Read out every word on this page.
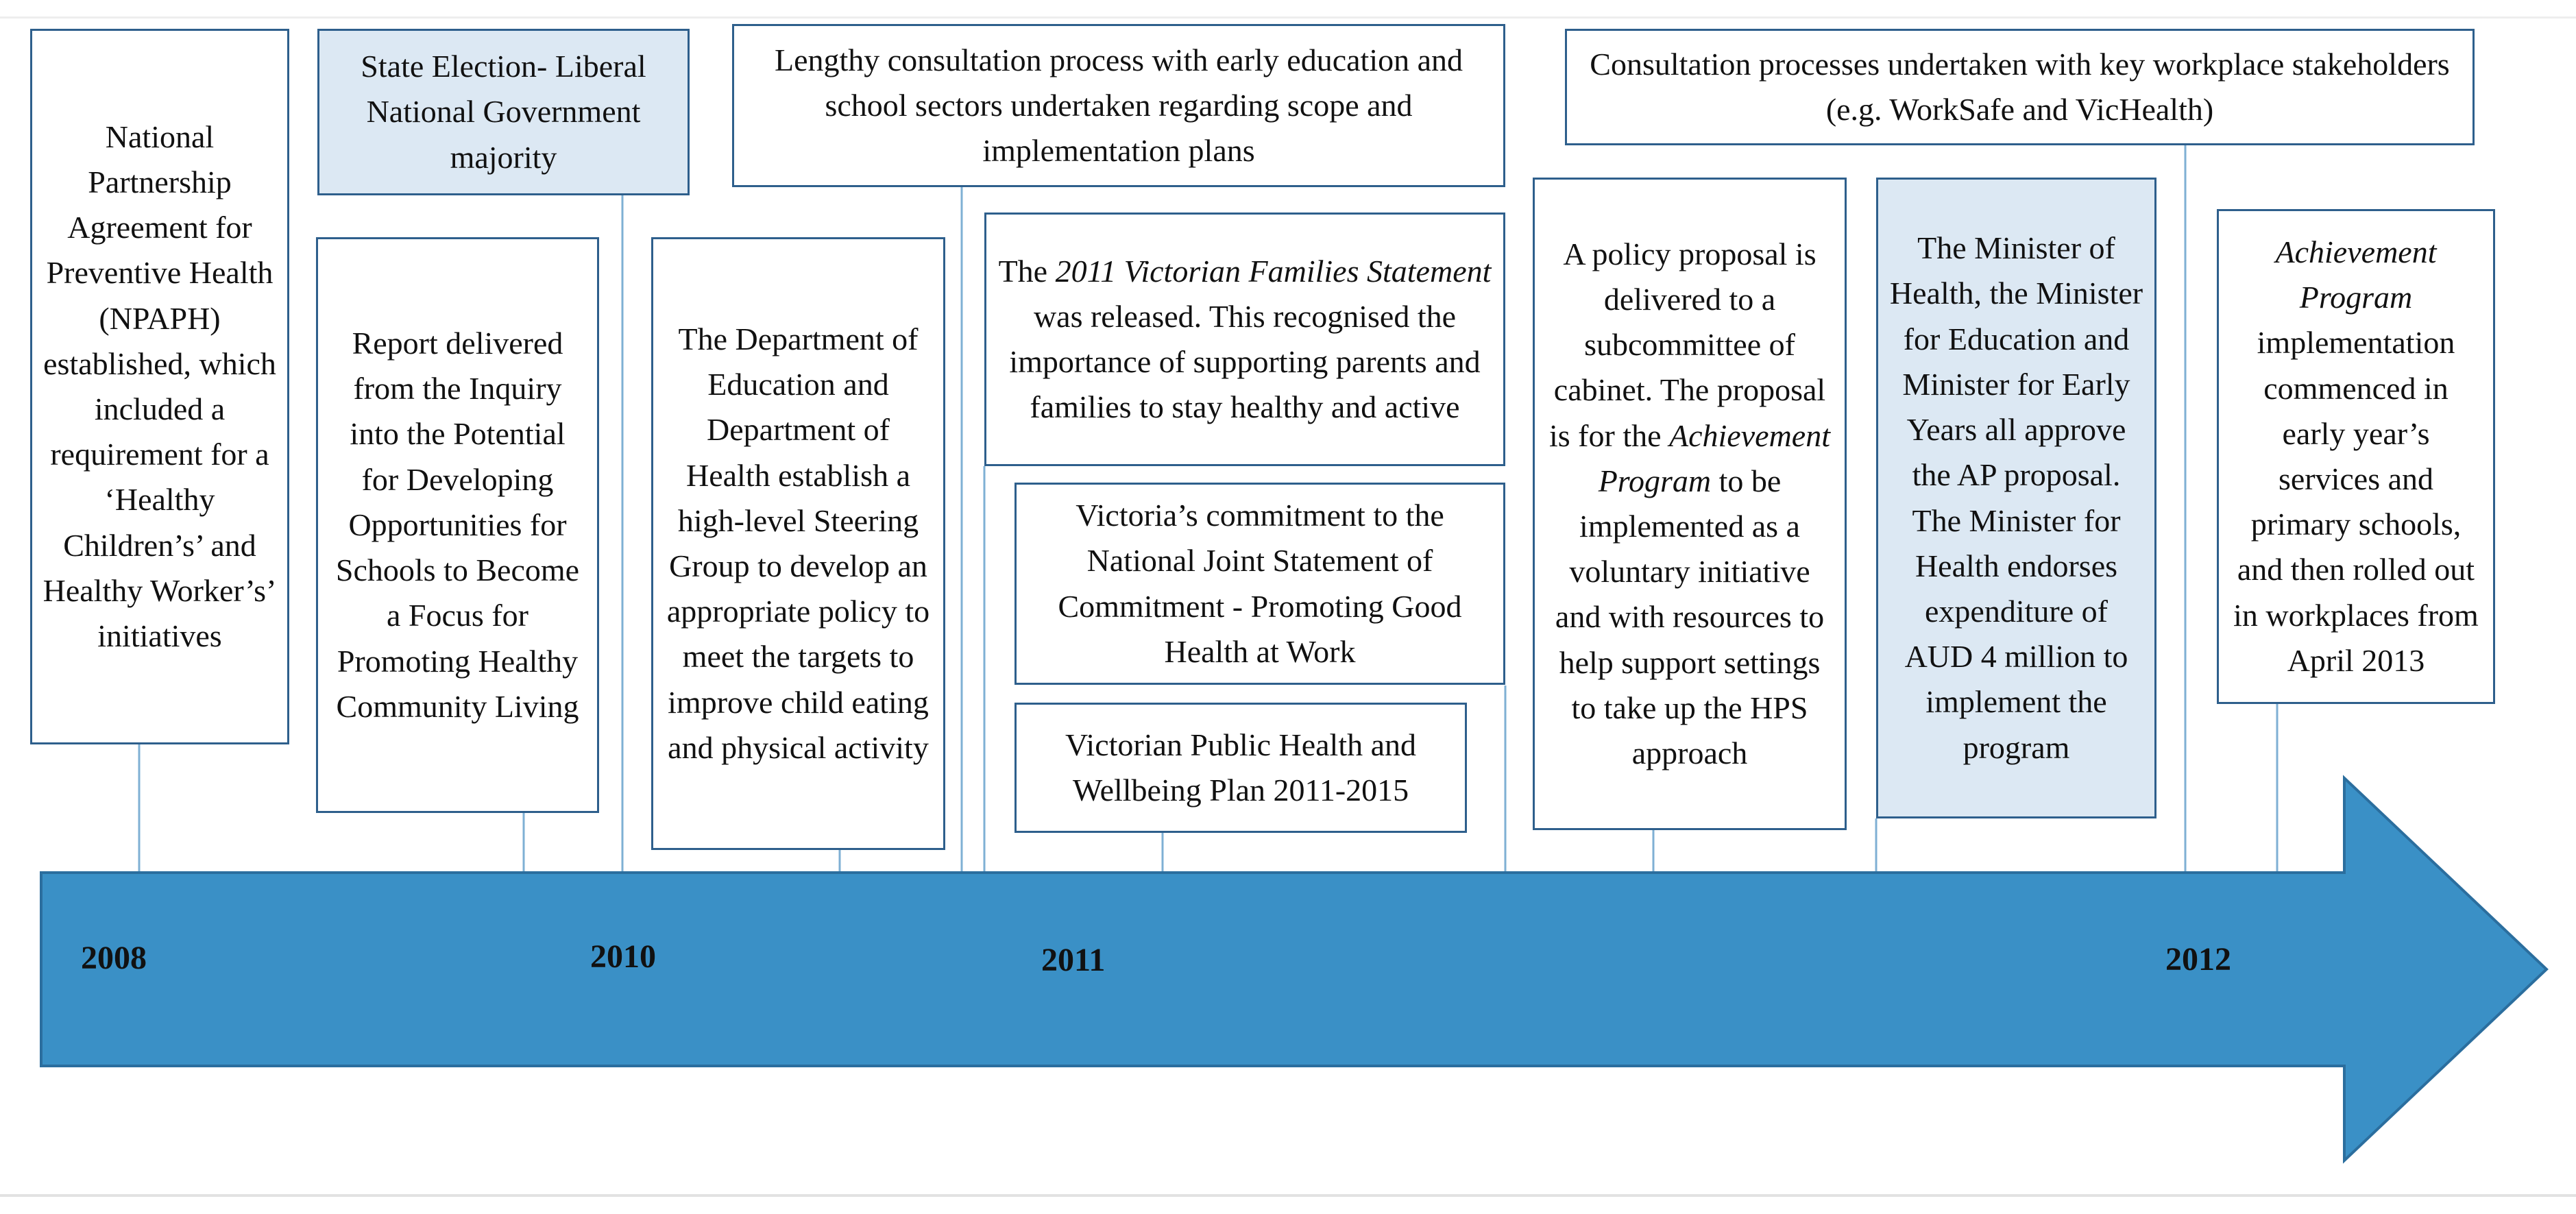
2008	2010	2011	2012
National Partnership Agreement for Preventive Health (NPAPH) established, which included a requirement for a ‘Healthy Children’s’ and Healthy Worker’s’ initiatives
State Election- Liberal National Government majority
Report delivered from the Inquiry into the Potential for Developing Opportunities for Schools to Become a Focus for Promoting Healthy Community Living
The Department of Education and Department of Health establish a high-level Steering Group to develop an appropriate policy to meet the targets to improve child eating and physical activity
Lengthy consultation process with early education and school sectors undertaken regarding scope and implementation plans
The 2011 Victorian Families Statement was released. This recognised the importance of supporting parents and families to stay healthy and active
Victoria’s commitment to the National Joint Statement of Commitment - Promoting Good Health at Work
Victorian Public Health and Wellbeing Plan 2011-2015
Consultation processes undertaken with key workplace stakeholders (e.g. WorkSafe and VicHealth)
A policy proposal is delivered to a subcommittee of cabinet. The proposal is for the Achievement Program to be implemented as a voluntary initiative and with resources to help support settings to take up the HPS approach
The Minister of Health, the Minister for Education and Minister for Early Years all approve the AP proposal. The Minister for Health endorses expenditure of AUD 4 million to implement the program
Achievement Program implementation commenced in early year’s services and primary schools, and then rolled out in workplaces from April 2013
